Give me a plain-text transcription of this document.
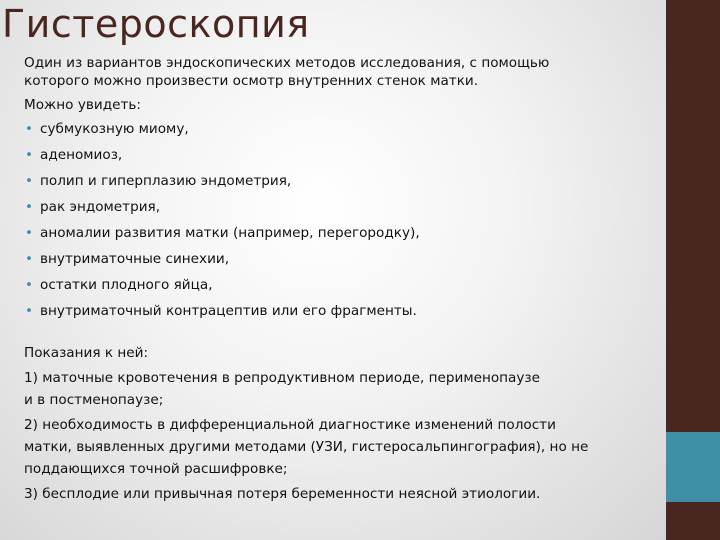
Гистероскопия
Один из вариантов эндоскопических методов исследования, с помощью
которого можно произвести осмотр внутренних стенок матки.
Можно увидеть:
• субмукозную миому,
• аденомиоз,
• полип и гиперплазию эндометрия,
• рак эндометрия,
• аномалии развития матки (например, перегородку),
• внутриматочные синехии,
• остатки плодного яйца,
• внутриматочный контрацептив или его фрагменты.
Показания к ней:
1) маточные кровотечения в репродуктивном периоде, перименопаузе
и в постменопаузе;
2) необходимость в дифференциальной диагностике изменений полости
матки, выявленных другими методами (УЗИ, гистеросальпингография), но не
поддающихся точной расшифровке;
3) бесплодие или привычная потеря беременности неясной этиологии.
